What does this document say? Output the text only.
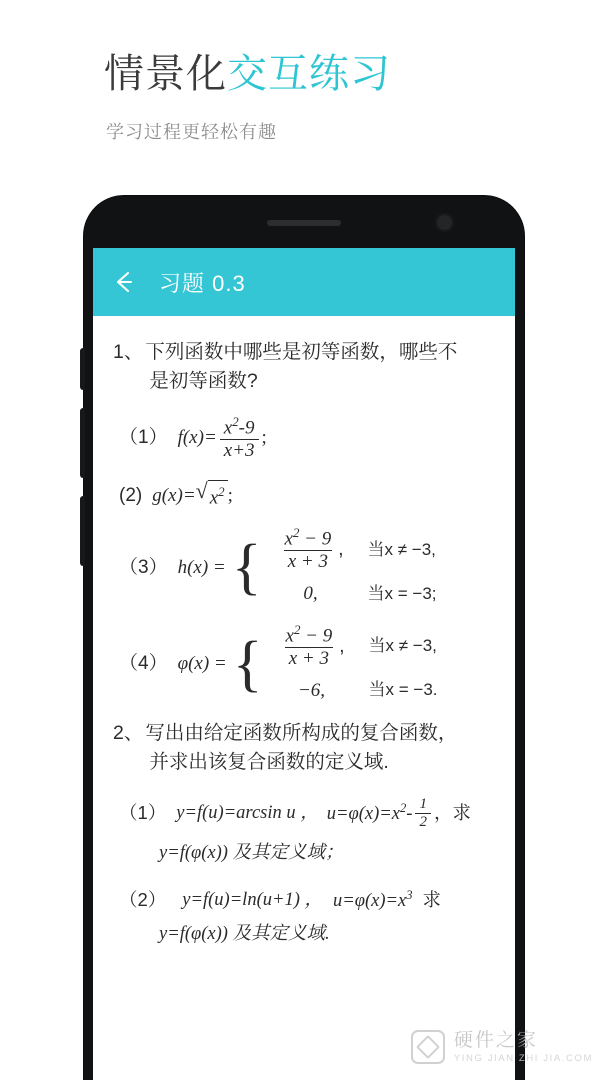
情景化交互练习
学习过程更轻松有趣
习题 0.3
1、 下列函数中哪些是初等函数，哪些不
是初等函数?
（1） $f(x)= \frac{x^2-9}{x+3}$ ;
(2) g(x)= √ $x^2$ ;
（3） h(x) = { $\frac{x^2 - 9}{x + 3}$ ,	当x ≠ −3,
0,	当x = −3;
（4） φ(x) = { $\frac{x^2 - 9}{x + 3}$ ,	当x ≠ −3,
−6,	当x = −3.
2、 写出由给定函数所构成的复合函数，
并求出该复合函数的定义域.
（1） y=f(u)=arcsin u ， $u=\varphi(x)=x^2- \frac{1}{2}$ ，求
y=f(φ(x)) 及其定义域；
（2） y=f(u)=ln(u+1) ， $u=\varphi(x)=x^3$ 求
y=f(φ(x)) 及其定义域.
硬件之家
YING JIAN ZHI JIA.COM
